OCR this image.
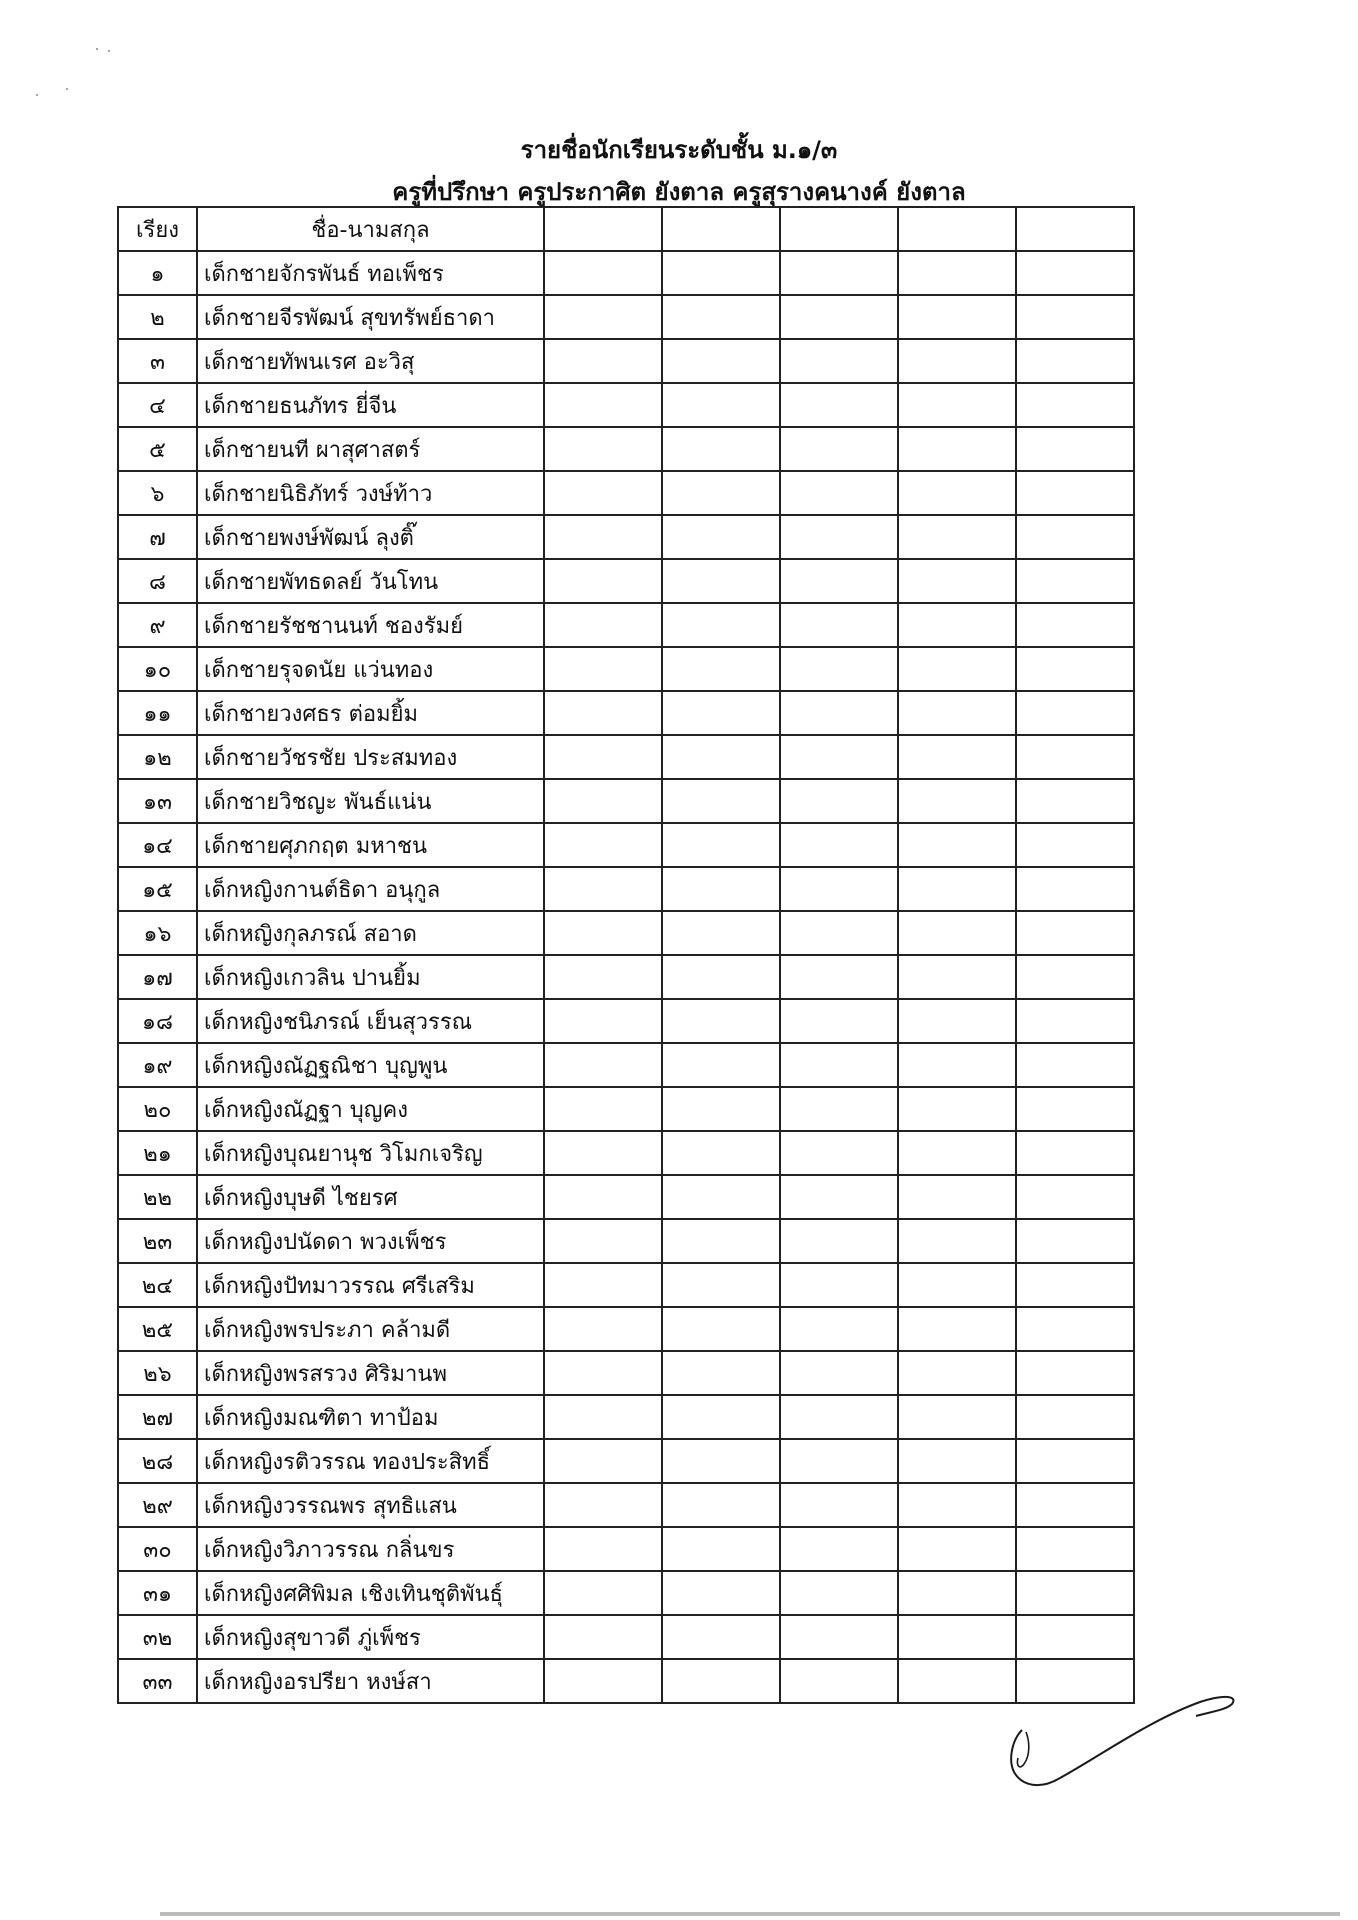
รายชื่อนักเรียนระดับชั้น ม.๑/๓
ครูที่ปรึกษา ครูประกาศิต ยังตาล ครูสุรางคนางค์ ยังตาล
เรียง	ชื่อ-นามสกุล					
๑	เด็กชายจักรพันธ์ ทอเพ็ชร					
๒	เด็กชายจีรพัฒน์ สุขทรัพย์ธาดา					
๓	เด็กชายทัพนเรศ อะวิสุ					
๔	เด็กชายธนภัทร ยี่จีน					
๕	เด็กชายนที ผาสุศาสตร์					
๖	เด็กชายนิธิภัทร์ วงษ์ท้าว					
๗	เด็กชายพงษ์พัฒน์ ลุงติ๊					
๘	เด็กชายพัทธดลย์ วันโทน					
๙	เด็กชายรัชชานนท์ ชองรัมย์					
๑๐	เด็กชายรุจดนัย แว่นทอง					
๑๑	เด็กชายวงศธร ต่อมยิ้ม					
๑๒	เด็กชายวัชรชัย ประสมทอง					
๑๓	เด็กชายวิชญะ พันธ์แน่น					
๑๔	เด็กชายศุภกฤต มหาชน					
๑๕	เด็กหญิงกานต์ธิดา อนุกูล					
๑๖	เด็กหญิงกุลภรณ์ สอาด					
๑๗	เด็กหญิงเกวลิน ปานยิ้ม					
๑๘	เด็กหญิงชนิภรณ์ เย็นสุวรรณ					
๑๙	เด็กหญิงณัฏฐณิชา บุญพูน					
๒๐	เด็กหญิงณัฏฐา บุญคง					
๒๑	เด็กหญิงบุณยานุช วิโมกเจริญ					
๒๒	เด็กหญิงบุษดี ไชยรศ					
๒๓	เด็กหญิงปนัดดา พวงเพ็ชร					
๒๔	เด็กหญิงปัทมาวรรณ ศรีเสริม					
๒๕	เด็กหญิงพรประภา คล้ามดี					
๒๖	เด็กหญิงพรสรวง ศิริมานพ					
๒๗	เด็กหญิงมณฑิตา ทาป้อม					
๒๘	เด็กหญิงรติวรรณ ทองประสิทธิ์					
๒๙	เด็กหญิงวรรณพร สุทธิแสน					
๓๐	เด็กหญิงวิภาวรรณ กลิ่นขร					
๓๑	เด็กหญิงศศิพิมล เชิงเทินชุติพันธุ์					
๓๒	เด็กหญิงสุขาวดี ภู่เพ็ชร					
๓๓	เด็กหญิงอรปรียา หงษ์สา					
